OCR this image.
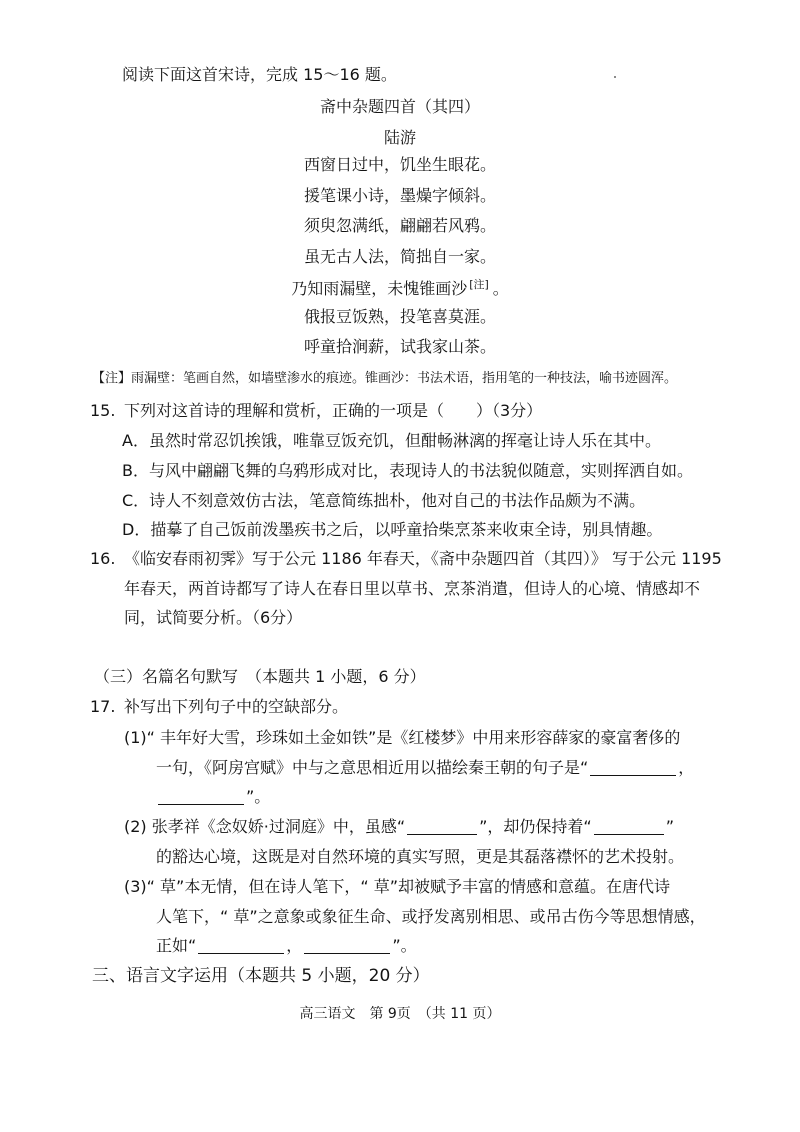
阅读下面这首宋诗，完成 15～16 题。
斋中杂题四首（其四）
陆游
西窗日过中，饥坐生眼花。
援笔课小诗，墨燥字倾斜。
须臾忽满纸，翩翩若风鸦。
虽无古人法，简拙自一家。
乃知雨漏壁，未愧锥画沙 [注] 。
俄报豆饭熟，投笔喜莫涯。
呼童拾涧薪，试我家山茶。
【注】雨漏壁：笔画自然，如墙壁渗水的痕迹。锥画沙：书法术语，指用笔的一种技法，喻书迹圆浑。
15. 下列对这首诗的理解和赏析，正确的一项是（　　）（3分）
A．虽然时常忍饥挨饿，唯靠豆饭充饥，但酣畅淋漓的挥毫让诗人乐在其中。
B．与风中翩翩飞舞的乌鸦形成对比，表现诗人的书法貌似随意，实则挥洒自如。
C．诗人不刻意效仿古法，笔意简练拙朴，他对自己的书法作品颇为不满。
D．描摹了自己饭前泼墨疾书之后，以呼童拾柴烹茶来收束全诗，别具情趣。
16. 《临安春雨初霁》写于公元 1186 年春天，《斋中杂题四首（其四）》 写于公元 1195
年春天，两首诗都写了诗人在春日里以草书、烹茶消遣，但诗人的心境、情感却不
同，试简要分析。（6分）
（三）名篇名句默写　（本题共 1 小题，6 分）
17. 补写出下列句子中的空缺部分。
(1)“ 丰年好大雪，珍珠如土金如铁”是《红楼梦》中用来形容薛家的豪富奢侈的
一句，《阿房宫赋》中与之意思相近用以描绘秦王朝的句子是“	，
”。
(2) 张孝祥《念奴娇·过洞庭》中，虽感“	”，却仍保持着“	”
的豁达心境，这既是对自然环境的真实写照，更是其磊落襟怀的艺术投射。
(3)“ 草”本无情，但在诗人笔下，“ 草”却被赋予丰富的情感和意蕴。在唐代诗
人笔下，“ 草”之意象或象征生命、或抒发离别相思、或吊古伤今等思想情感，
正如“	，	”。
三、语言文字运用（本题共 5 小题，20 分）
高三语文　第 9页　（共 11 页）
